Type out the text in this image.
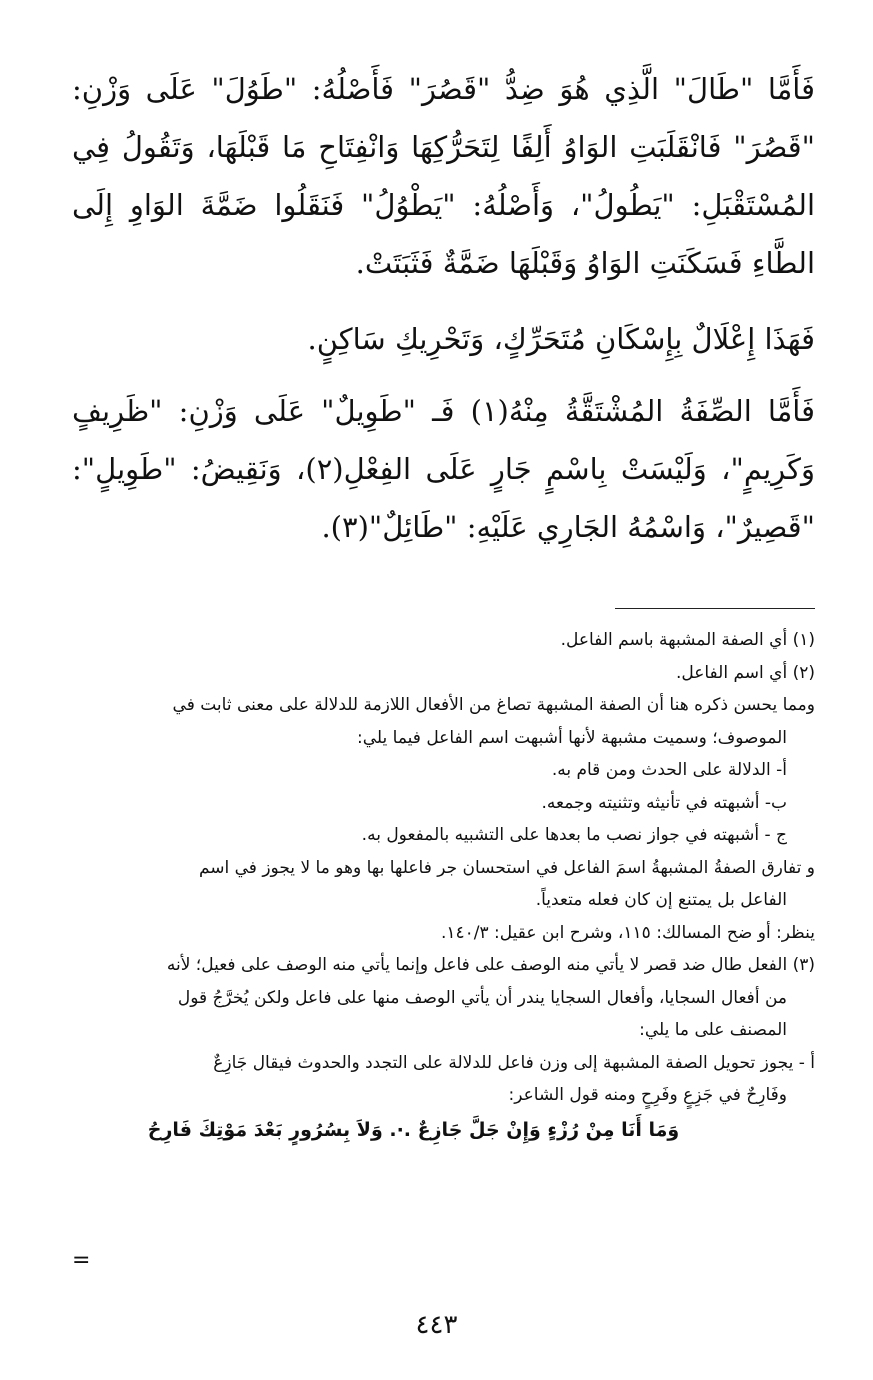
فَأَمَّا "طَالَ" الَّذِي هُوَ ضِدُّ "قَصُرَ" فَأَصْلُهُ: "طَوُلَ" عَلَى وَزْنِ: "قَصُرَ" فَانْقَلَبَتِ الوَاوُ أَلِفًا لِتَحَرُّكِهَا وَانْفِتَاحِ مَا قَبْلَهَا، وَتَقُولُ فِي المُسْتَقْبَلِ: "يَطُولُ"، وَأَصْلُهُ: "يَطْوُلُ" فَنَقَلُوا ضَمَّةَ الوَاوِ إِلَى الطَّاءِ فَسَكَنَتِ الوَاوُ وَقَبْلَهَا ضَمَّةٌ فَثَبَتَتْ.

فَهَذَا إِعْلَالٌ بِإِسْكَانِ مُتَحَرِّكٍ، وَتَحْرِيكِ سَاكِنٍ.

فَأَمَّا الصِّفَةُ المُشْتَقَّةُ مِنْهُ(١) فَـ "طَوِيلٌ" عَلَى وَزْنِ: "ظَرِيفٍ وَكَرِيمٍ"، وَلَيْسَتْ بِاسْمٍ جَارٍ عَلَى الفِعْلِ(٢)، وَنَقِيضُ: "طَوِيلٍ": "قَصِيرٌ"، وَاسْمُهُ الجَارِي عَلَيْهِ: "طَائِلٌ"(٣).

(١) أي الصفة المشبهة باسم الفاعل.
(٢) أي اسم الفاعل.
ومما يحسن ذكره هنا أن الصفة المشبهة تصاغ من الأفعال اللازمة للدلالة على معنى ثابت في
الموصوف؛ وسميت مشبهة لأنها أشبهت اسم الفاعل فيما يلي:
أ- الدلالة على الحدث ومن قام به.
ب- أشبهته في تأنيثه وتثنيته وجمعه.
ج - أشبهته في جواز نصب ما بعدها على التشبيه بالمفعول به.
و تفارق الصفةُ المشبهةُ اسمَ الفاعل في استحسان جر فاعلها بها وهو ما لا يجوز في اسم
الفاعل بل يمتنع إن كان فعله متعدياً.
ينظر: أو ضح المسالك: ١١٥، وشرح ابن عقيل: ١٤٠/٣.
(٣) الفعل طال ضد قصر لا يأتي منه الوصف على فاعل وإنما يأتي منه الوصف على فعيل؛ لأنه
من أفعال السجايا، وأفعال السجايا يندر أن يأتي الوصف منها على فاعل ولكن يُخرَّجُ قول
المصنف على ما يلي:
أ - يجوز تحويل الصفة المشبهة إلى وزن فاعل للدلالة على التجدد والحدوث فيقال جَازِعٌ
وفَارِحٌ في جَزِعٍ وفَرِحٍ ومنه قول الشاعر:
وَمَا أَنَا مِنْ رُزْءٍ وَإِنْ جَلَّ جَازِعٌ .·. وَلاَ بِسُرُورٍ بَعْدَ مَوْتِكَ فَارِحُ
=
٤٤٣
